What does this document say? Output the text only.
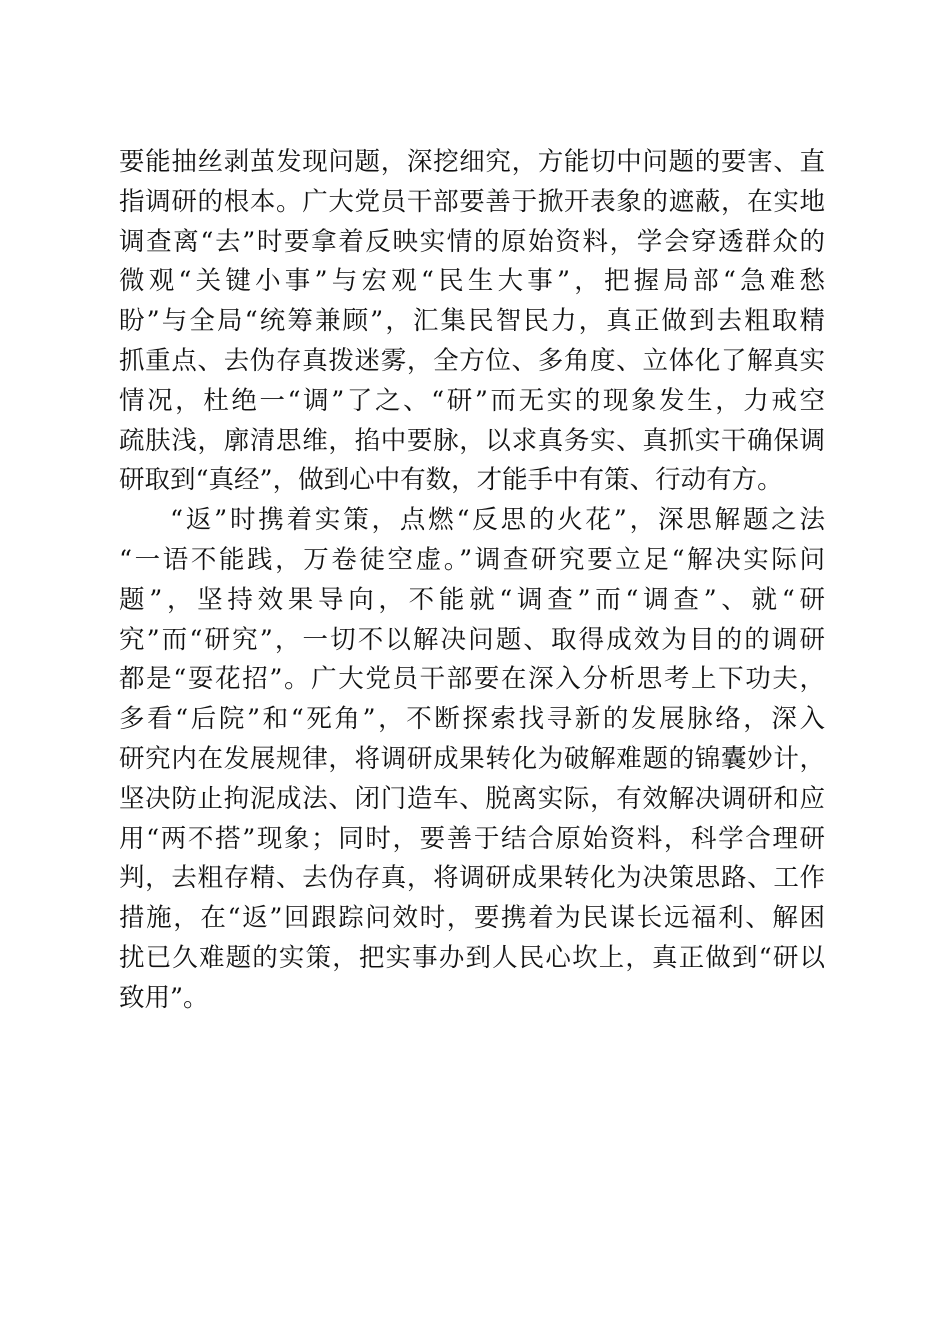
要能抽丝剥茧发现问题，深挖细究，方能切中问题的要害、直
指调研的根本。广大党员干部要善于掀开表象的遮蔽，在实地
调查离“去”时要拿着反映实情的原始资料，学会穿透群众的
微观“关键小事”与宏观“民生大事”，把握局部“急难愁
盼”与全局“统筹兼顾”，汇集民智民力，真正做到去粗取精
抓重点、去伪存真拨迷雾，全方位、多角度、立体化了解真实
情况，杜绝一“调”了之、“研”而无实的现象发生，力戒空
疏肤浅，廓清思维，掐中要脉，以求真务实、真抓实干确保调
研取到“真经”，做到心中有数，才能手中有策、行动有方。
“返”时携着实策，点燃“反思的火花”，深思解题之法
“一语不能践，万卷徒空虚。”调查研究要立足“解决实际问
题”，坚持效果导向，不能就“调查”而“调查”、就“研
究”而“研究”，一切不以解决问题、取得成效为目的的调研
都是“耍花招”。广大党员干部要在深入分析思考上下功夫，
多看“后院”和“死角”，不断探索找寻新的发展脉络，深入
研究内在发展规律，将调研成果转化为破解难题的锦囊妙计，
坚决防止拘泥成法、闭门造车、脱离实际，有效解决调研和应
用“两不搭”现象；同时，要善于结合原始资料，科学合理研
判，去粗存精、去伪存真，将调研成果转化为决策思路、工作
措施，在“返”回跟踪问效时，要携着为民谋长远福利、解困
扰已久难题的实策，把实事办到人民心坎上，真正做到“研以
致用”。
